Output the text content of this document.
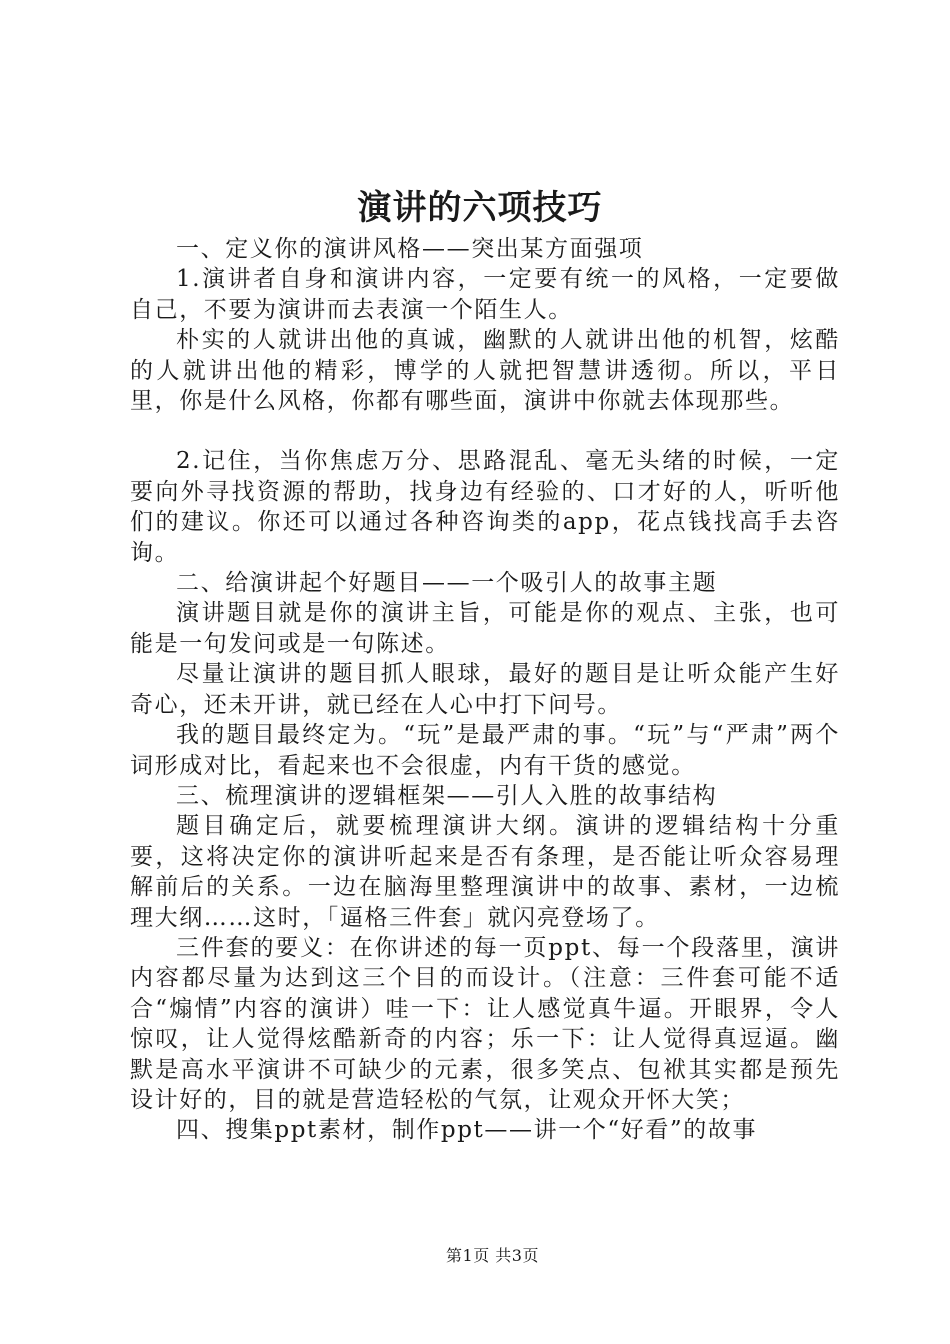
演讲的六项技巧

一、定义你的演讲风格——突出某方面强项

1.演讲者自身和演讲内容，一定要有统一的风格，一定要做自己，不要为演讲而去表演一个陌生人。

朴实的人就讲出他的真诚，幽默的人就讲出他的机智，炫酷的人就讲出他的精彩，博学的人就把智慧讲透彻。所以，平日里，你是什么风格，你都有哪些面，演讲中你就去体现那些。

2.记住，当你焦虑万分、思路混乱、毫无头绪的时候，一定要向外寻找资源的帮助，找身边有经验的、口才好的人，听听他们的建议。你还可以通过各种咨询类的app，花点钱找高手去咨询。

二、给演讲起个好题目——一个吸引人的故事主题

演讲题目就是你的演讲主旨，可能是你的观点、主张，也可能是一句发问或是一句陈述。

尽量让演讲的题目抓人眼球，最好的题目是让听众能产生好奇心，还未开讲，就已经在人心中打下问号。

我的题目最终定为。“玩”是最严肃的事。“玩”与“严肃”两个词形成对比，看起来也不会很虚，内有干货的感觉。

三、梳理演讲的逻辑框架——引人入胜的故事结构

题目确定后，就要梳理演讲大纲。演讲的逻辑结构十分重要，这将决定你的演讲听起来是否有条理，是否能让听众容易理解前后的关系。一边在脑海里整理演讲中的故事、素材，一边梳理大纲……这时，「逼格三件套」就闪亮登场了。

三件套的要义：在你讲述的每一页ppt、每一个段落里，演讲内容都尽量为达到这三个目的而设计。（注意：三件套可能不适合“煽情”内容的演讲）哇一下：让人感觉真牛逼。开眼界，令人惊叹，让人觉得炫酷新奇的内容；乐一下：让人觉得真逗逼。幽默是高水平演讲不可缺少的元素，很多笑点、包袱其实都是预先设计好的，目的就是营造轻松的气氛，让观众开怀大笑；

四、搜集ppt素材，制作ppt——讲一个“好看”的故事

第1页 共3页
